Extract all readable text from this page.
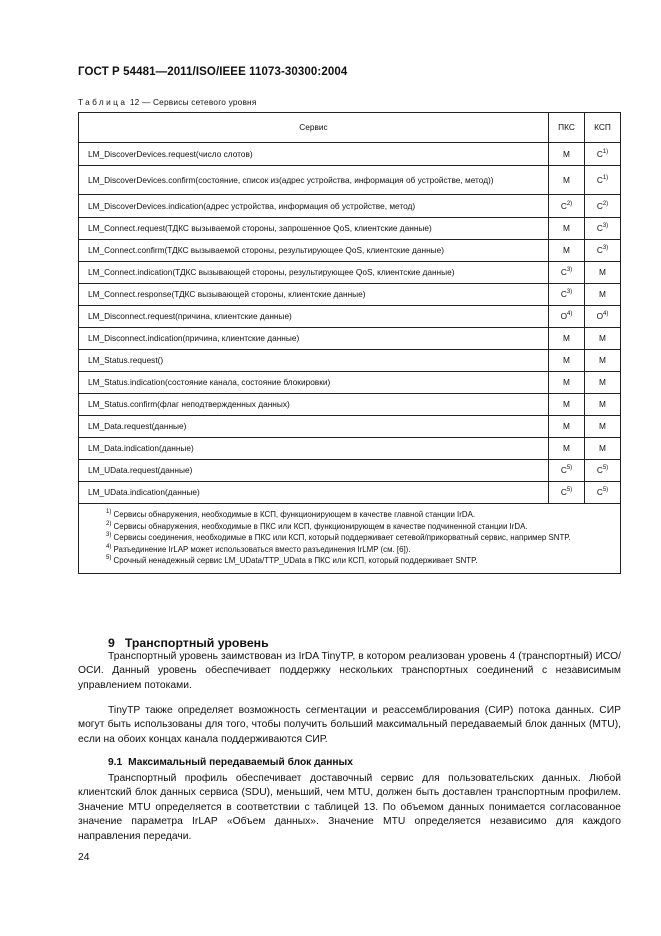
ГОСТ Р 54481—2011/ISO/IEEE 11073-30300:2004
Таблица 12 — Сервисы сетевого уровня
Сервис	ПКС	КСП
LM_DiscoverDevices.request(число слотов)	M	$C^{1)}$
LM_DiscoverDevices.confirm(состояние, список из(адрес устройства, информация об устройстве, метод))	M	$C^{1)}$
LM_DiscoverDevices.indication(адрес устройства, информация об устройстве, метод)	$C^{2)}$	$C^{2)}$
LM_Connect.request(ТДКС вызываемой стороны, запрошенное QoS, клиентские данные)	M	$C^{3)}$
LM_Connect.confirm(ТДКС вызываемой стороны, результирующее QoS, клиентские данные)	M	$C^{3)}$
LM_Connect.indication(ТДКС вызывающей стороны, результирующее QoS, клиентские данные)	$C^{3)}$	M
LM_Connect.response(ТДКС вызывающей стороны, клиентские данные)	$C^{3)}$	M
LM_Disconnect.request(причина, клиентские данные)	$O^{4)}$	$O^{4)}$
LM_Disconnect.indication(причина, клиентские данные)	M	M
LM_Status.request()	M	M
LM_Status.indication(состояние канала, состояние блокировки)	M	M
LM_Status.confirm(флаг неподтвержденных данных)	M	M
LM_Data.request(данные)	M	M
LM_Data.indication(данные)	M	M
LM_UData.request(данные)	$C^{5)}$	$C^{5)}$
LM_UData.indication(данные)	$C^{5)}$	$C^{5)}$

$^{1)}$ Сервисы обнаружения, необходимые в КСП, функционирующем в качестве главной станции IrDA.
$^{2)}$ Сервисы обнаружения, необходимые в ПКС или КСП, функционирующем в качестве подчиненной станции IrDA.
$^{3)}$ Сервисы соединения, необходимые в ПКС или КСП, который поддерживает сетевой/прикорватный сервис, например SNTP.
$^{4)}$ Разъединение IrLAP может использоваться вместо разъединения IrLMP (см. [6]).
$^{5)}$ Срочный ненадежный сервис LM_UData/TTP_UData в ПКС или КСП, который поддерживает SNTP.		
9 Транспортный уровень

Транспортный уровень заимствован из IrDA TinyTP, в котором реализован уровень 4 (транспортный) ИСО/ОСИ. Данный уровень обеспечивает поддержку нескольких транспортных соединений с независимым управлением потоками.

TinyTP также определяет возможность сегментации и реассемблирования (СИР) потока данных. СИР могут быть использованы для того, чтобы получить больший максимальный передаваемый блок данных (MTU), если на обоих концах канала поддерживаются СИР.

9.1 Максимальный передаваемый блок данных

Транспортный профиль обеспечивает доставочный сервис для пользовательских данных. Любой клиентский блок данных сервиса (SDU), меньший, чем MTU, должен быть доставлен транспортным профилем. Значение MTU определяется в соответствии с таблицей 13. По объемом данных понимается согласованное значение параметра IrLAP «Объем данных». Значение MTU определяется независимо для каждого направления передачи.

24
